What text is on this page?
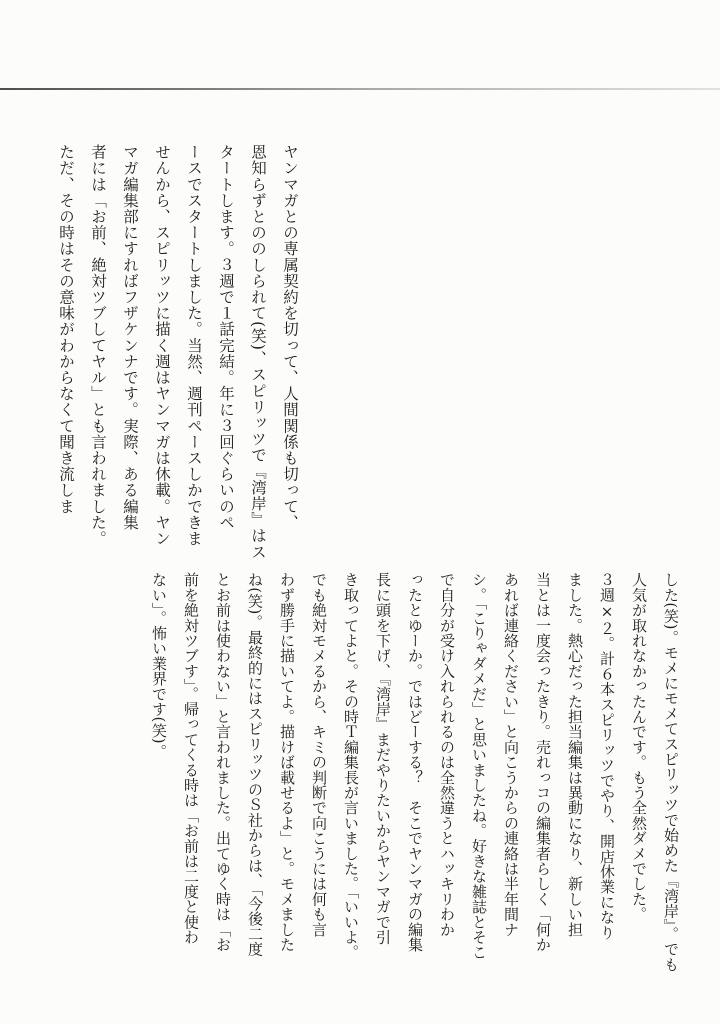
ヤンマガとの専属契約を切って、人間関係も切って、
恩知らずとののしられて(笑)、スピリッツで『湾岸』はス
タートします。３週で１話完結。年に３回ぐらいのペ
ースでスタートしました。当然、週刊ペースしかできま
せんから、スピリッツに描く週はヤンマガは休載。ヤン
マガ編集部にすればフザケンナです。実際、ある編集
者には「お前、絶対ツブしてヤル」とも言われました。
ただ、その時はその意味がわからなくて聞き流しま
した(笑)。モメにモメてスピリッツで始めた『湾岸』。でも
人気が取れなかったんです。もう全然ダメでした。
３週×２。計６本スピリッツでやり、開店休業になり
ました。熱心だった担当編集は異動になり、新しい担
当とは一度会ったきり。売れっコの編集者らしく「何か
あれば連絡ください」と向こうからの連絡は半年間ナ
シ。「こりゃダメだ」と思いましたね。好きな雑誌とそこ
で自分が受け入れられるのは全然違うとハッキリわか
ったとゆーか。ではどーする？　そこでヤンマガの編集
長に頭を下げ、『湾岸』まだやりたいからヤンマガで引
き取ってよと。その時Ｔ編集長が言いました。「いいよ。
でも絶対モメるから、キミの判断で向こうには何も言
わず勝手に描いてよ。描けば載せるよ」と。モメました
ね(笑)。最終的にはスピリッツのＳ社からは、「今後二度
とお前は使わない」と言われました。出てゆく時は「お
前を絶対ツブす」。帰ってくる時は「お前は二度と使わ
ない」。怖い業界です(笑)。
